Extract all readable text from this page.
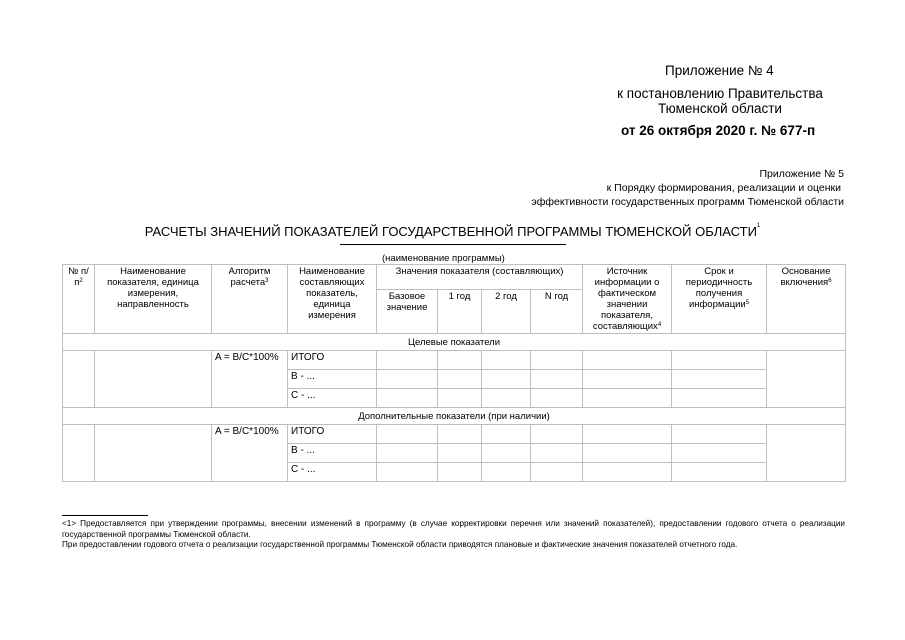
Приложение № 4
к постановлению Правительства
Тюменской области
от 26 октября 2020 г. № 677-п
Приложение № 5
к Порядку формирования, реализации и оценки
эффективности государственных программ Тюменской области
РАСЧЕТЫ ЗНАЧЕНИЙ ПОКАЗАТЕЛЕЙ ГОСУДАРСТВЕННОЙ ПРОГРАММЫ ТЮМЕНСКОЙ ОБЛАСТИ$^1$
(наименование программы)
№ $п/п^2$	Наименование показателя, единица измерения, направленность	Алгоритм расчета$^3$	Наименование составляющих показатель, единица измерения	Значения показателя (составляющих)				Источник информации о фактическом значении показателя, составляющих$^4$	Срок и периодичность получения информации$^5$	Основание включения$^6$
				Базовое значение	1 год	2 год	N год			
Целевые показатели										
		A = B/C*100%	ИТОГО							
			B - ...							
			C - ...							
Дополнительные показатели (при наличии)										
		A = B/C*100%	ИТОГО							
			B - ...							
			C - ...							
<1> Предоставляется при утверждении программы, внесении изменений в программу (в случае корректировки перечня или значений показателей), предоставлении годового отчета о реализации государственной программы Тюменской области.
При предоставлении годового отчета о реализации государственной программы Тюменской области приводятся плановые и фактические значения показателей отчетного года.
